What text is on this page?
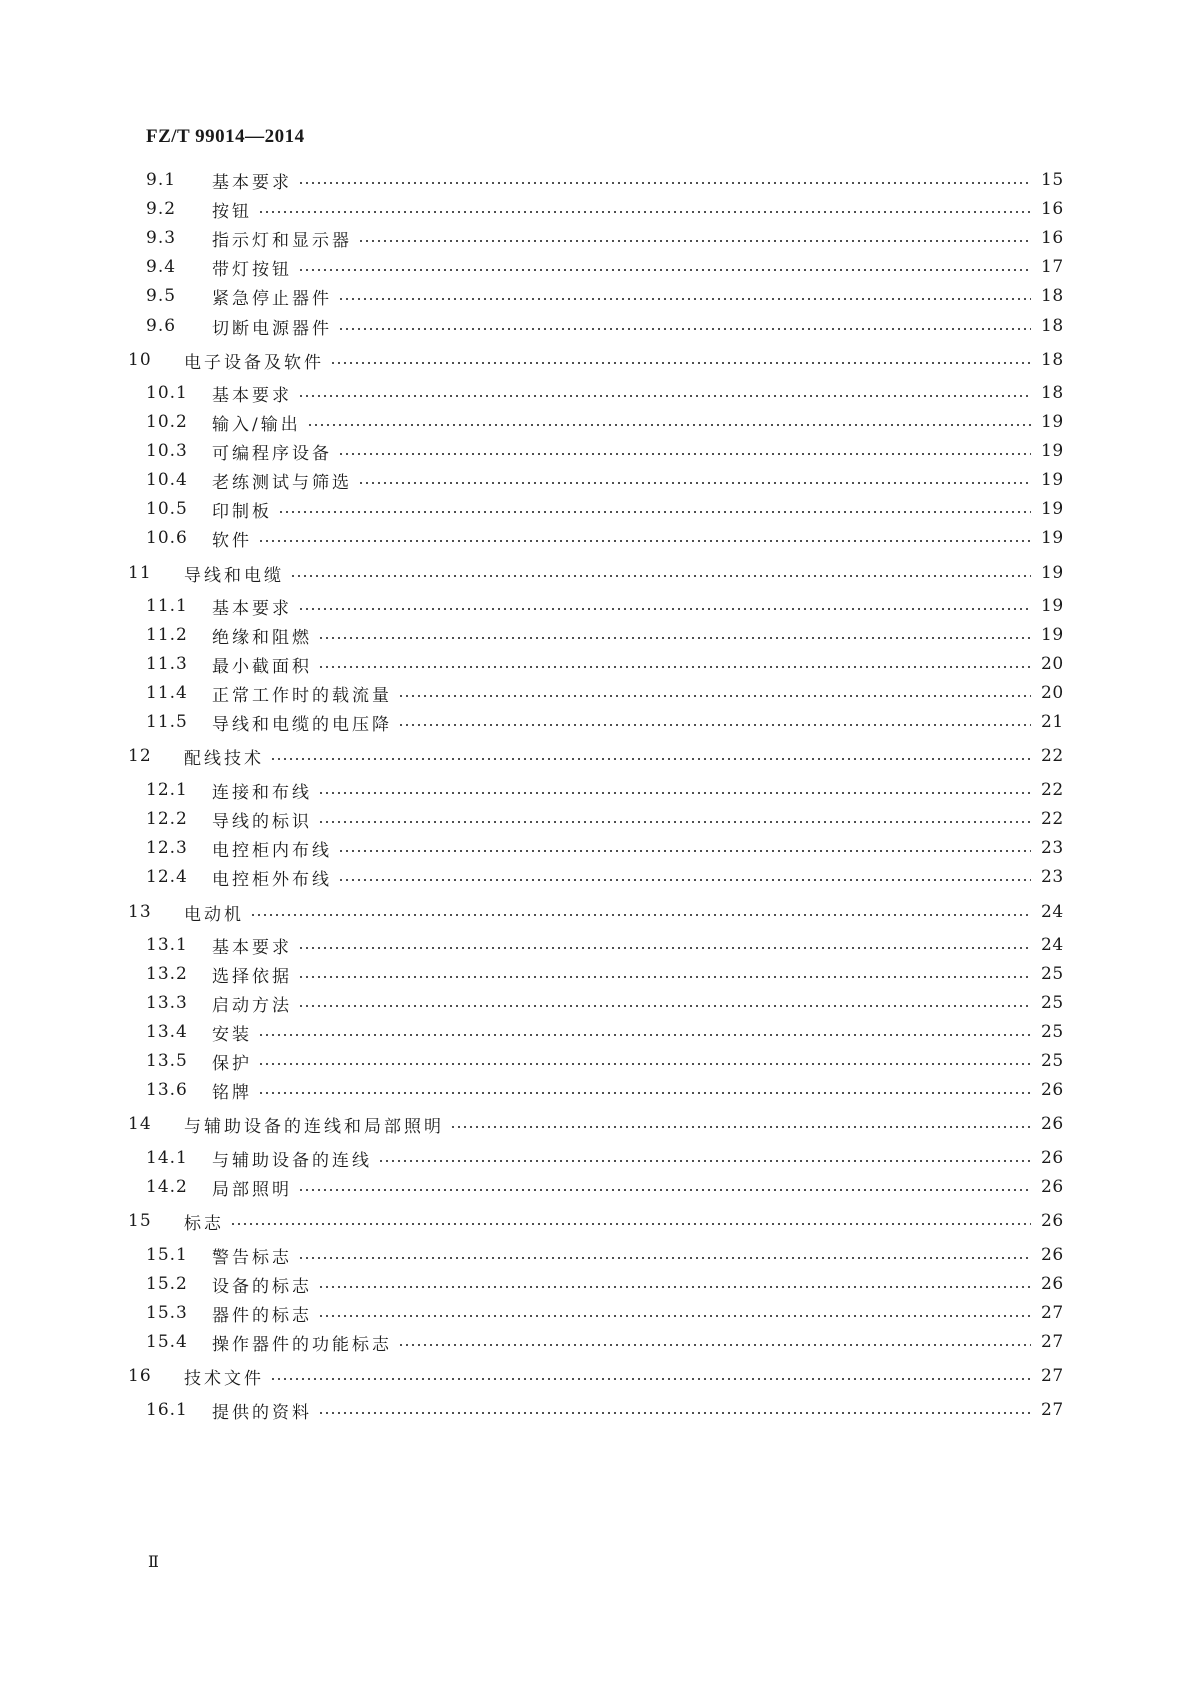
FZ/T 99014—2014
9.1	基本要求	15
9.2	按钮	16
9.3	指示灯和显示器	16
9.4	带灯按钮	17
9.5	紧急停止器件	18
9.6	切断电源器件	18
10	电子设备及软件	18
10.1	基本要求	18
10.2	输入/输出	19
10.3	可编程序设备	19
10.4	老练测试与筛选	19
10.5	印制板	19
10.6	软件	19
11	导线和电缆	19
11.1	基本要求	19
11.2	绝缘和阻燃	19
11.3	最小截面积	20
11.4	正常工作时的载流量	20
11.5	导线和电缆的电压降	21
12	配线技术	22
12.1	连接和布线	22
12.2	导线的标识	22
12.3	电控柜内布线	23
12.4	电控柜外布线	23
13	电动机	24
13.1	基本要求	24
13.2	选择依据	25
13.3	启动方法	25
13.4	安装	25
13.5	保护	25
13.6	铭牌	26
14	与辅助设备的连线和局部照明	26
14.1	与辅助设备的连线	26
14.2	局部照明	26
15	标志	26
15.1	警告标志	26
15.2	设备的标志	26
15.3	器件的标志	27
15.4	操作器件的功能标志	27
16	技术文件	27
16.1	提供的资料	27
Ⅱ
